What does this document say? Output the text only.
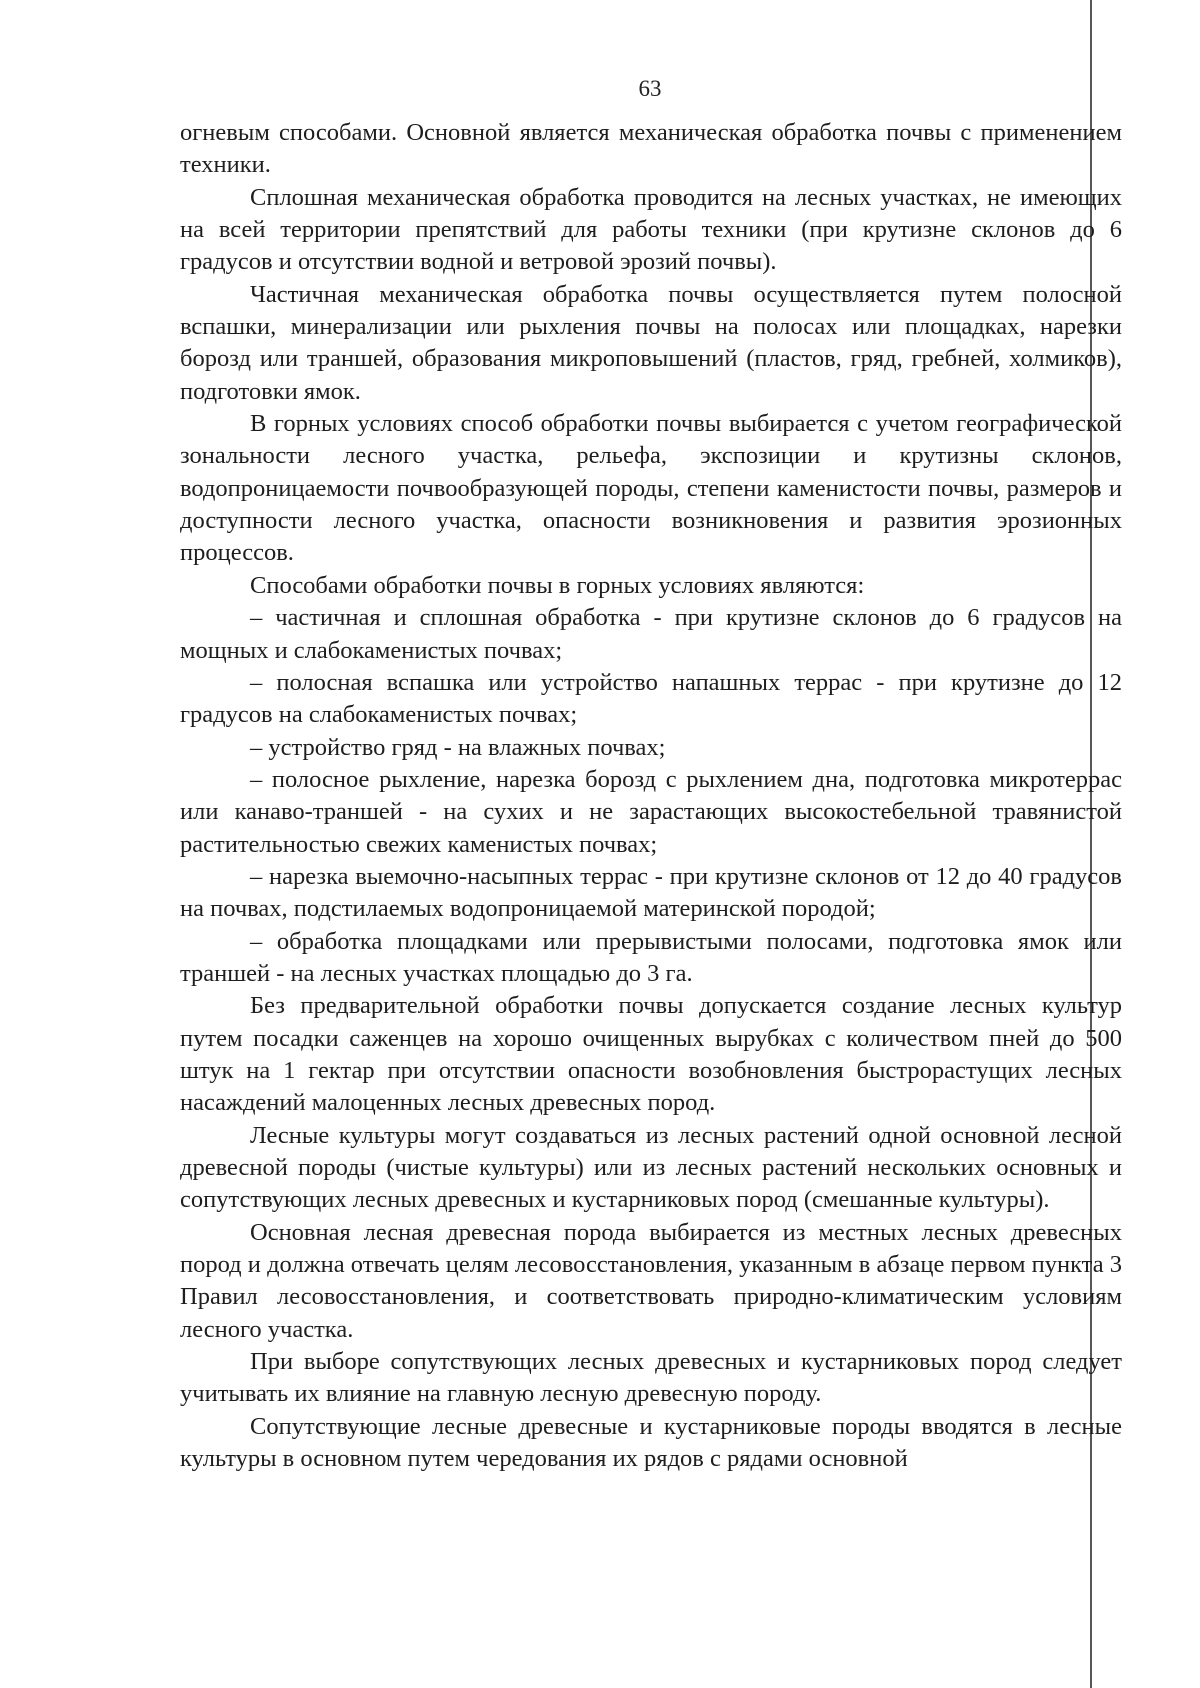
63

огневым способами. Основной является механическая обработка почвы с применением техники.

Сплошная механическая обработка проводится на лесных участках, не имеющих на всей территории препятствий для работы техники (при крутизне склонов до 6 градусов и отсутствии водной и ветровой эрозий почвы).

Частичная механическая обработка почвы осуществляется путем полосной вспашки, минерализации или рыхления почвы на полосах или площадках, нарезки борозд или траншей, образования микроповышений (пластов, гряд, гребней, холмиков), подготовки ямок.

В горных условиях способ обработки почвы выбирается с учетом географической зональности лесного участка, рельефа, экспозиции и крутизны склонов, водопроницаемости почвообразующей породы, степени каменистости почвы, размеров и доступности лесного участка, опасности возникновения и развития эрозионных процессов.

Способами обработки почвы в горных условиях являются:

– частичная и сплошная обработка - при крутизне склонов до 6 градусов на мощных и слабокаменистых почвах;

– полосная вспашка или устройство напашных террас - при крутизне до 12 градусов на слабокаменистых почвах;

– устройство гряд - на влажных почвах;

– полосное рыхление, нарезка борозд с рыхлением дна, подготовка микротеррас или канаво-траншей - на сухих и не зарастающих высокостебельной травянистой растительностью свежих каменистых почвах;

– нарезка выемочно-насыпных террас - при крутизне склонов от 12 до 40 градусов на почвах, подстилаемых водопроницаемой материнской породой;

– обработка площадками или прерывистыми полосами, подготовка ямок или траншей - на лесных участках площадью до 3 га.

Без предварительной обработки почвы допускается создание лесных культур путем посадки саженцев на хорошо очищенных вырубках с количеством пней до 500 штук на 1 гектар при отсутствии опасности возобновления быстрорастущих лесных насаждений малоценных лесных древесных пород.

Лесные культуры могут создаваться из лесных растений одной основной лесной древесной породы (чистые культуры) или из лесных растений нескольких основных и сопутствующих лесных древесных и кустарниковых пород (смешанные культуры).

Основная лесная древесная порода выбирается из местных лесных древесных пород и должна отвечать целям лесовосстановления, указанным в абзаце первом пункта 3 Правил лесовосстановления, и соответствовать природно-климатическим условиям лесного участка.

При выборе сопутствующих лесных древесных и кустарниковых пород следует учитывать их влияние на главную лесную древесную породу.

Сопутствующие лесные древесные и кустарниковые породы вводятся в лесные культуры в основном путем чередования их рядов с рядами основной
